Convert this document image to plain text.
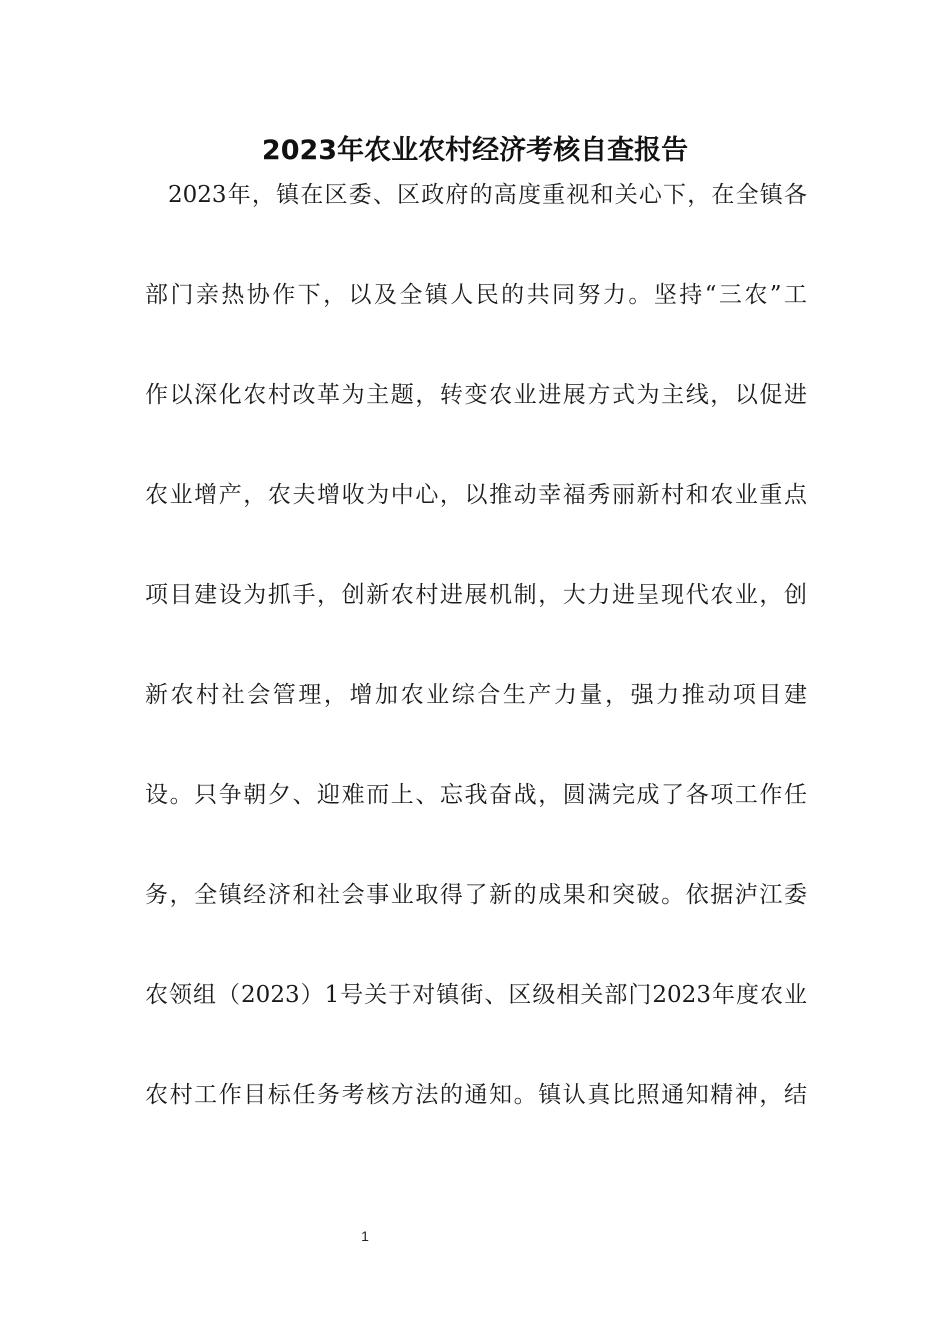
2023年农业农村经济考核自查报告
2023年，镇在区委、区政府的高度重视和关心下，在全镇各
部门亲热协作下，以及全镇人民的共同努力。坚持“三农”工
作以深化农村改革为主题，转变农业进展方式为主线，以促进
农业增产，农夫增收为中心，以推动幸福秀丽新村和农业重点
项目建设为抓手，创新农村进展机制，大力进呈现代农业，创
新农村社会管理，增加农业综合生产力量，强力推动项目建
设。只争朝夕、迎难而上、忘我奋战，圆满完成了各项工作任
务，全镇经济和社会事业取得了新的成果和突破。依据泸江委
农领组（2023）1号关于对镇街、区级相关部门2023年度农业
农村工作目标任务考核方法的通知。镇认真比照通知精神，结
1
